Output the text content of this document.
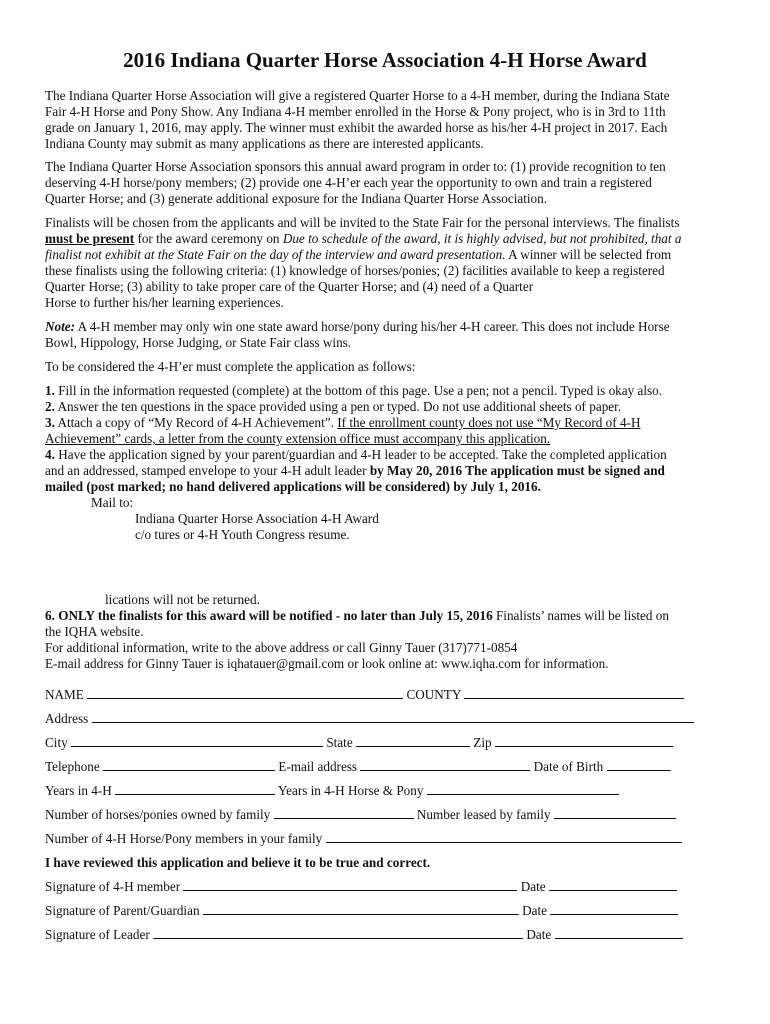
2016 Indiana Quarter Horse Association 4-H Horse Award
The Indiana Quarter Horse Association will give a registered Quarter Horse to a 4-H member, during the Indiana State
Fair 4-H Horse and Pony Show. Any Indiana 4-H member enrolled in the Horse & Pony project, who is in 3rd to 11th
grade on January 1, 2016, may apply. The winner must exhibit the awarded horse as his/her 4-H project in 2017. Each
Indiana County may submit as many applications as there are interested applicants.
The Indiana Quarter Horse Association sponsors this annual award program in order to: (1) provide recognition to ten
deserving 4-H horse/pony members; (2) provide one 4-H’er each year the opportunity to own and train a registered
Quarter Horse; and (3) generate additional exposure for the Indiana Quarter Horse Association.
Finalists will be chosen from the applicants and will be invited to the State Fair for the personal interviews. The finalists
must be present for the award ceremony on Due to schedule of the award, it is highly advised, but not prohibited, that a
finalist not exhibit at the State Fair on the day of the interview and award presentation. A winner will be selected from
these finalists using the following criteria: (1) knowledge of horses/ponies; (2) facilities available to keep a registered
Quarter Horse; (3) ability to take proper care of the Quarter Horse; and (4) need of a Quarter
Horse to further his/her learning experiences.
Note: A 4-H member may only win one state award horse/pony during his/her 4-H career. This does not include Horse
Bowl, Hippology, Horse Judging, or State Fair class wins.
To be considered the 4-H’er must complete the application as follows:
1. Fill in the information requested (complete) at the bottom of this page. Use a pen; not a pencil. Typed is okay also.
2. Answer the ten questions in the space provided using a pen or typed. Do not use additional sheets of paper.
3. Attach a copy of “My Record of 4-H Achievement”. If the enrollment county does not use “My Record of 4-H
Achievement” cards, a letter from the county extension office must accompany this application.
4. Have the application signed by your parent/guardian and 4-H leader to be accepted. Take the completed application
and an addressed, stamped envelope to your 4-H adult leader by May 20, 2016 The application must be signed and
mailed (post marked; no hand delivered applications will be considered) by July 1, 2016.
Mail to:
Indiana Quarter Horse Association 4-H Award
c/o tures or 4-H Youth Congress resume.
lications will not be returned.
6. ONLY the finalists for this award will be notified - no later than July 15, 2016 Finalists’ names will be listed on
the IQHA website.
For additional information, write to the above address or call Ginny Tauer (317)771-0854
E-mail address for Ginny Tauer is iqhatauer@gmail.com or look online at: www.iqha.com for information.
NAME	COUNTY
Address
City	State	Zip
Telephone	E-mail address	Date of Birth
Years in 4-H	Years in 4-H Horse & Pony
Number of horses/ponies owned by family	Number leased by family
Number of 4-H Horse/Pony members in your family
I have reviewed this application and believe it to be true and correct.
Signature of 4-H member	Date
Signature of Parent/Guardian	Date
Signature of Leader	Date
